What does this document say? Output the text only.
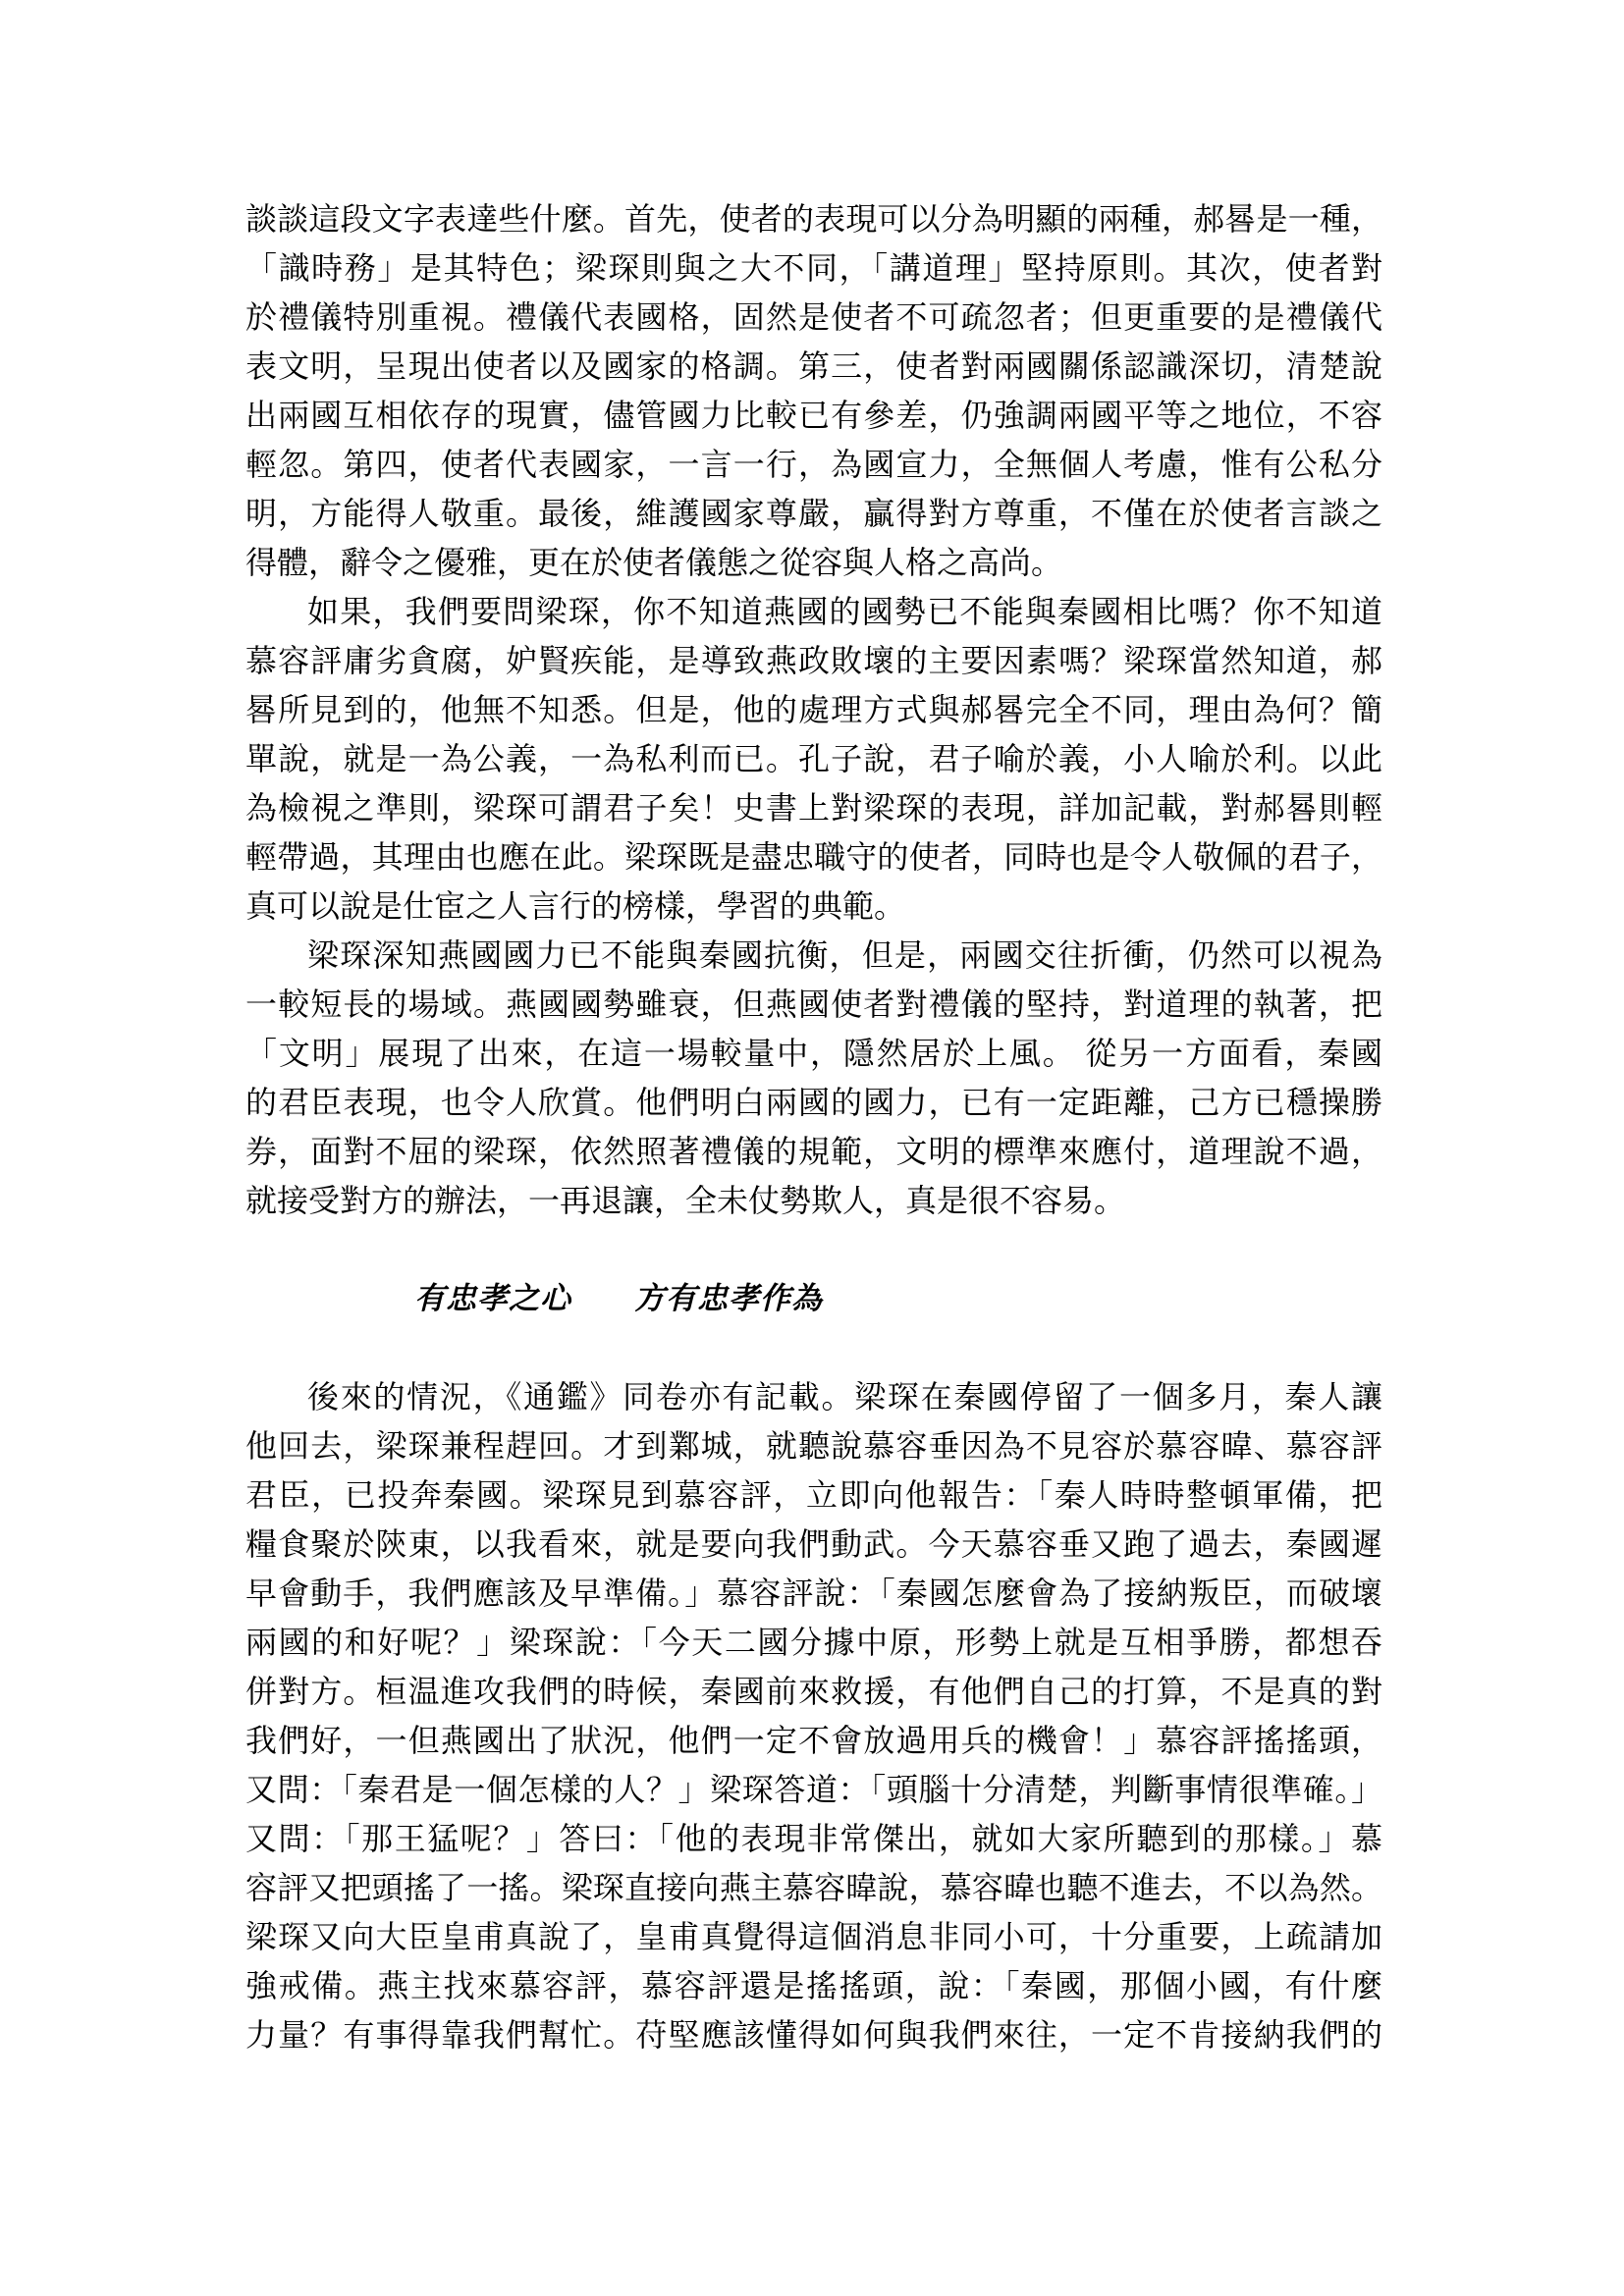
談談這段文字表達些什麼。首先，使者的表現可以分為明顯的兩種，郝晷是一種，
「識時務」是其特色；梁琛則與之大不同，「講道理」堅持原則。其次，使者對
於禮儀特別重視。禮儀代表國格，固然是使者不可疏忽者；但更重要的是禮儀代
表文明，呈現出使者以及國家的格調。第三，使者對兩國關係認識深切，清楚說
出兩國互相依存的現實，儘管國力比較已有參差，仍強調兩國平等之地位，不容
輕忽。第四，使者代表國家，一言一行，為國宣力，全無個人考慮，惟有公私分
明，方能得人敬重。最後，維護國家尊嚴，贏得對方尊重，不僅在於使者言談之
得體，辭令之優雅，更在於使者儀態之從容與人格之高尚。
如果，我們要問梁琛，你不知道燕國的國勢已不能與秦國相比嗎？你不知道
慕容評庸劣貪腐，妒賢疾能，是導致燕政敗壞的主要因素嗎？梁琛當然知道，郝
晷所見到的，他無不知悉。但是，他的處理方式與郝晷完全不同，理由為何？簡
單說，就是一為公義，一為私利而已。孔子說，君子喻於義，小人喻於利。以此
為檢視之準則，梁琛可謂君子矣！史書上對梁琛的表現，詳加記載，對郝晷則輕
輕帶過，其理由也應在此。梁琛既是盡忠職守的使者，同時也是令人敬佩的君子，
真可以說是仕宦之人言行的榜樣，學習的典範。
梁琛深知燕國國力已不能與秦國抗衡，但是，兩國交往折衝，仍然可以視為
一較短長的場域。燕國國勢雖衰，但燕國使者對禮儀的堅持，對道理的執著，把
「文明」展現了出來，在這一場較量中，隱然居於上風。 從另一方面看，秦國
的君臣表現，也令人欣賞。他們明白兩國的國力，已有一定距離，己方已穩操勝
券，面對不屈的梁琛，依然照著禮儀的規範，文明的標準來應付，道理說不過，
就接受對方的辦法，一再退讓，全未仗勢欺人，真是很不容易。
有忠孝之心　　方有忠孝作為
後來的情況，《通鑑》同卷亦有記載。梁琛在秦國停留了一個多月，秦人讓
他回去，梁琛兼程趕回。才到鄴城，就聽說慕容垂因為不見容於慕容暐、慕容評
君臣，已投奔秦國。梁琛見到慕容評，立即向他報告：「秦人時時整頓軍備，把
糧食聚於陝東，以我看來，就是要向我們動武。今天慕容垂又跑了過去，秦國遲
早會動手，我們應該及早準備。」慕容評說：「秦國怎麼會為了接納叛臣，而破壞
兩國的和好呢？」梁琛說：「今天二國分據中原，形勢上就是互相爭勝，都想吞
併對方。桓温進攻我們的時候，秦國前來救援，有他們自己的打算，不是真的對
我們好，一但燕國出了狀況，他們一定不會放過用兵的機會！」慕容評搖搖頭，
又問：「秦君是一個怎樣的人？」梁琛答道：「頭腦十分清楚，判斷事情很準確。」
又問：「那王猛呢？」答曰：「他的表現非常傑出，就如大家所聽到的那樣。」慕
容評又把頭搖了一搖。梁琛直接向燕主慕容暐說，慕容暐也聽不進去，不以為然。
梁琛又向大臣皇甫真說了，皇甫真覺得這個消息非同小可，十分重要，上疏請加
強戒備。燕主找來慕容評，慕容評還是搖搖頭，說：「秦國，那個小國，有什麼
力量？有事得靠我們幫忙。苻堅應該懂得如何與我們來往，一定不肯接納我們的
